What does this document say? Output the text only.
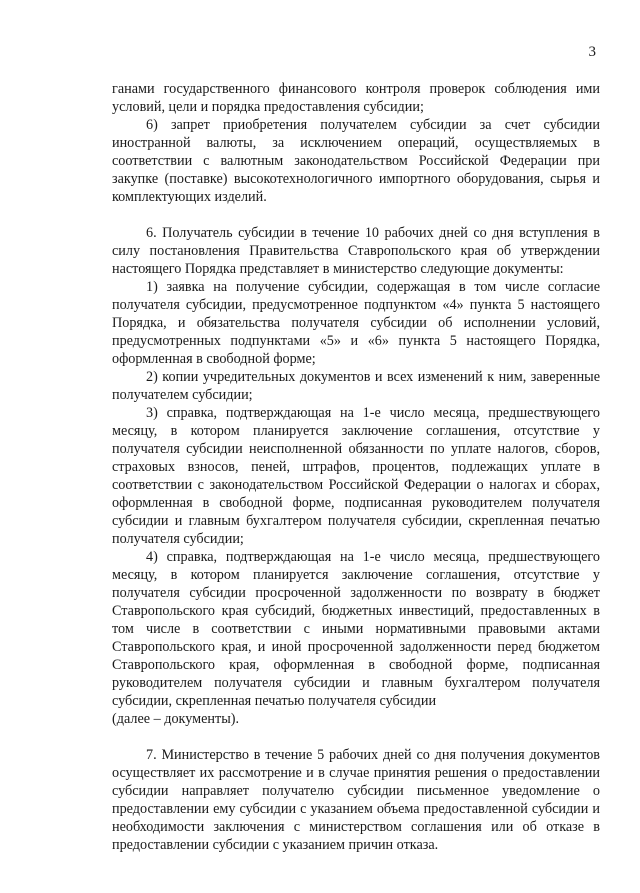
3

ганами государственного финансового контроля проверок соблюдения ими условий, цели и порядка предоставления субсидии;

6) запрет приобретения получателем субсидии за счет субсидии иностранной валюты, за исключением операций, осуществляемых в соответствии с валютным законодательством Российской Федерации при закупке (поставке) высокотехнологичного импортного оборудования, сырья и комплектующих изделий.

6. Получатель субсидии в течение 10 рабочих дней со дня вступления в силу постановления Правительства Ставропольского края об утверждении настоящего Порядка представляет в министерство следующие документы:

1) заявка на получение субсидии, содержащая в том числе согласие получателя субсидии, предусмотренное подпунктом «4» пункта 5 настоящего Порядка, и обязательства получателя субсидии об исполнении условий, предусмотренных подпунктами «5» и «6» пункта 5 настоящего Порядка, оформленная в свободной форме;

2) копии учредительных документов и всех изменений к ним, заверенные получателем субсидии;

3) справка, подтверждающая на 1-е число месяца, предшествующего месяцу, в котором планируется заключение соглашения, отсутствие у получателя субсидии неисполненной обязанности по уплате налогов, сборов, страховых взносов, пеней, штрафов, процентов, подлежащих уплате в соответствии с законодательством Российской Федерации о налогах и сборах, оформленная в свободной форме, подписанная руководителем получателя субсидии и главным бухгалтером получателя субсидии, скрепленная печатью получателя субсидии;

4) справка, подтверждающая на 1-е число месяца, предшествующего месяцу, в котором планируется заключение соглашения, отсутствие у получателя субсидии просроченной задолженности по возврату в бюджет Ставропольского края субсидий, бюджетных инвестиций, предоставленных в том числе в соответствии с иными нормативными правовыми актами Ставропольского края, и иной просроченной задолженности перед бюджетом Ставропольского края, оформленная в свободной форме, подписанная руководителем получателя субсидии и главным бухгалтером получателя субсидии, скрепленная печатью получателя субсидии

(далее – документы).

7. Министерство в течение 5 рабочих дней со дня получения документов осуществляет их рассмотрение и в случае принятия решения о предоставлении субсидии направляет получателю субсидии письменное уведомление о предоставлении ему субсидии с указанием объема предоставленной субсидии и необходимости заключения с министерством соглашения или об отказе в предоставлении субсидии с указанием причин отказа.
